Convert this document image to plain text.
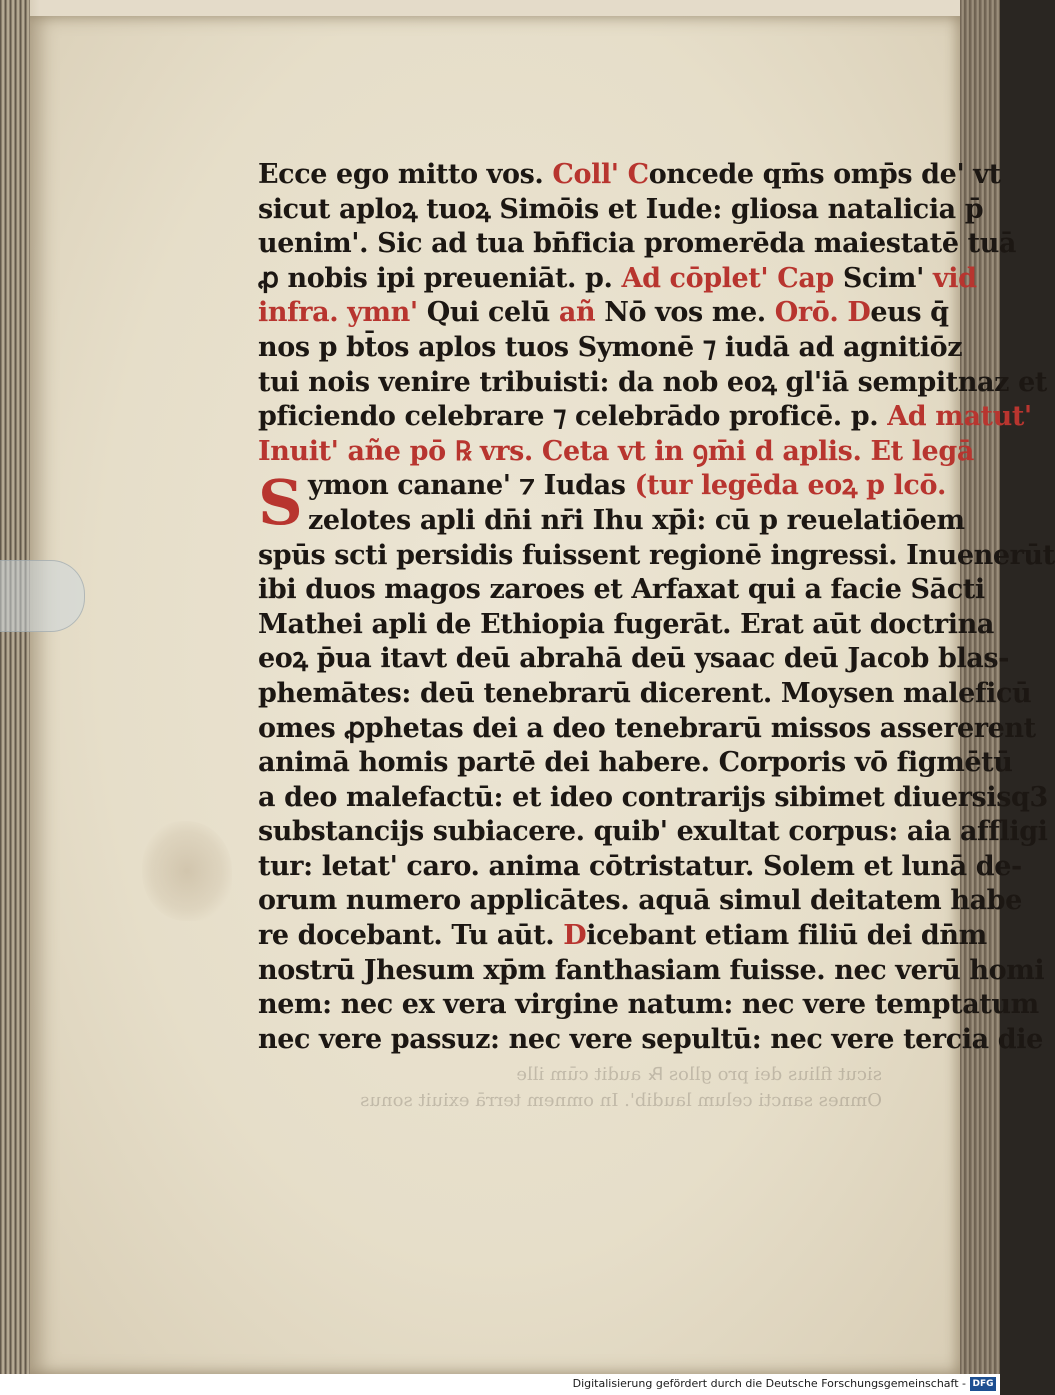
sicut filius dei pro gllos ℞ audit cūm ille
Omnes sancti celum laudib'. In omnem terrā exiuit sonus
Ecce ego mitto vos. Coll' Concede qm̄s omp̄s de' vt
sicut aploꝝ tuoꝝ Simōis et Iude: gliosa natalicia p̄
uenim'. Sic ad tua bn̄ficia promerēda maiestatē tuā
ꝓ nobis ipi preueniāt. p. Ad cōplet' Cap Scim' vid
infra. ymn' Qui celū añ Nō vos me. Orō. Deus q̄
nos p bt̄os aplos tuos Symonē ⁊ iudā ad agnitiōz
tui nois venire tribuisti: da nob eoꝝ gl'iā sempitnaz et
pficiendo celebrare ⁊ celebrādo proficē. p. Ad matut'
Inuit' añe pō ℞ vrs. Ceta vt in ꝯm̄i d aplis. Et legā
S ymon canane' ⁊ Iudas (tur legēda eoꝝ p lcō.
zelotes apli dn̄i nr̄i Ihu xp̄i: cū p reuelatiōem
spūs scti persidis fuissent regionē ingressi. Inuenerūt
ibi duos magos zaroes et Arfaxat qui a facie Sācti
Mathei apli de Ethiopia fugerāt. Erat aūt doctrina
eoꝝ p̄ua itavt deū abrahā deū ysaac deū Jacob blas-
phemātes: deū tenebrarū dicerent. Moysen maleficū
omes ꝓphetas dei a deo tenebrarū missos assererent
animā homis partē dei habere. Corporis vō figmētū
a deo malefactū: et ideo contrarijs sibimet diuersisq3
substancijs subiacere. quib' exultat corpus: aia affligi
tur: letat' caro. anima cōtristatur. Solem et lunā de-
orum numero applicātes. aquā simul deitatem habe
re docebant. Tu aūt. Dicebant etiam filiū dei dn̄m
nostrū Jhesum xp̄m fanthasiam fuisse. nec verū homi
nem: nec ex vera virgine natum: nec vere temptatum
nec vere passuz: nec vere sepultū: nec vere tercia die
Digitalisierung gefördert durch die Deutsche Forschungsgemeinschaft - DFG
